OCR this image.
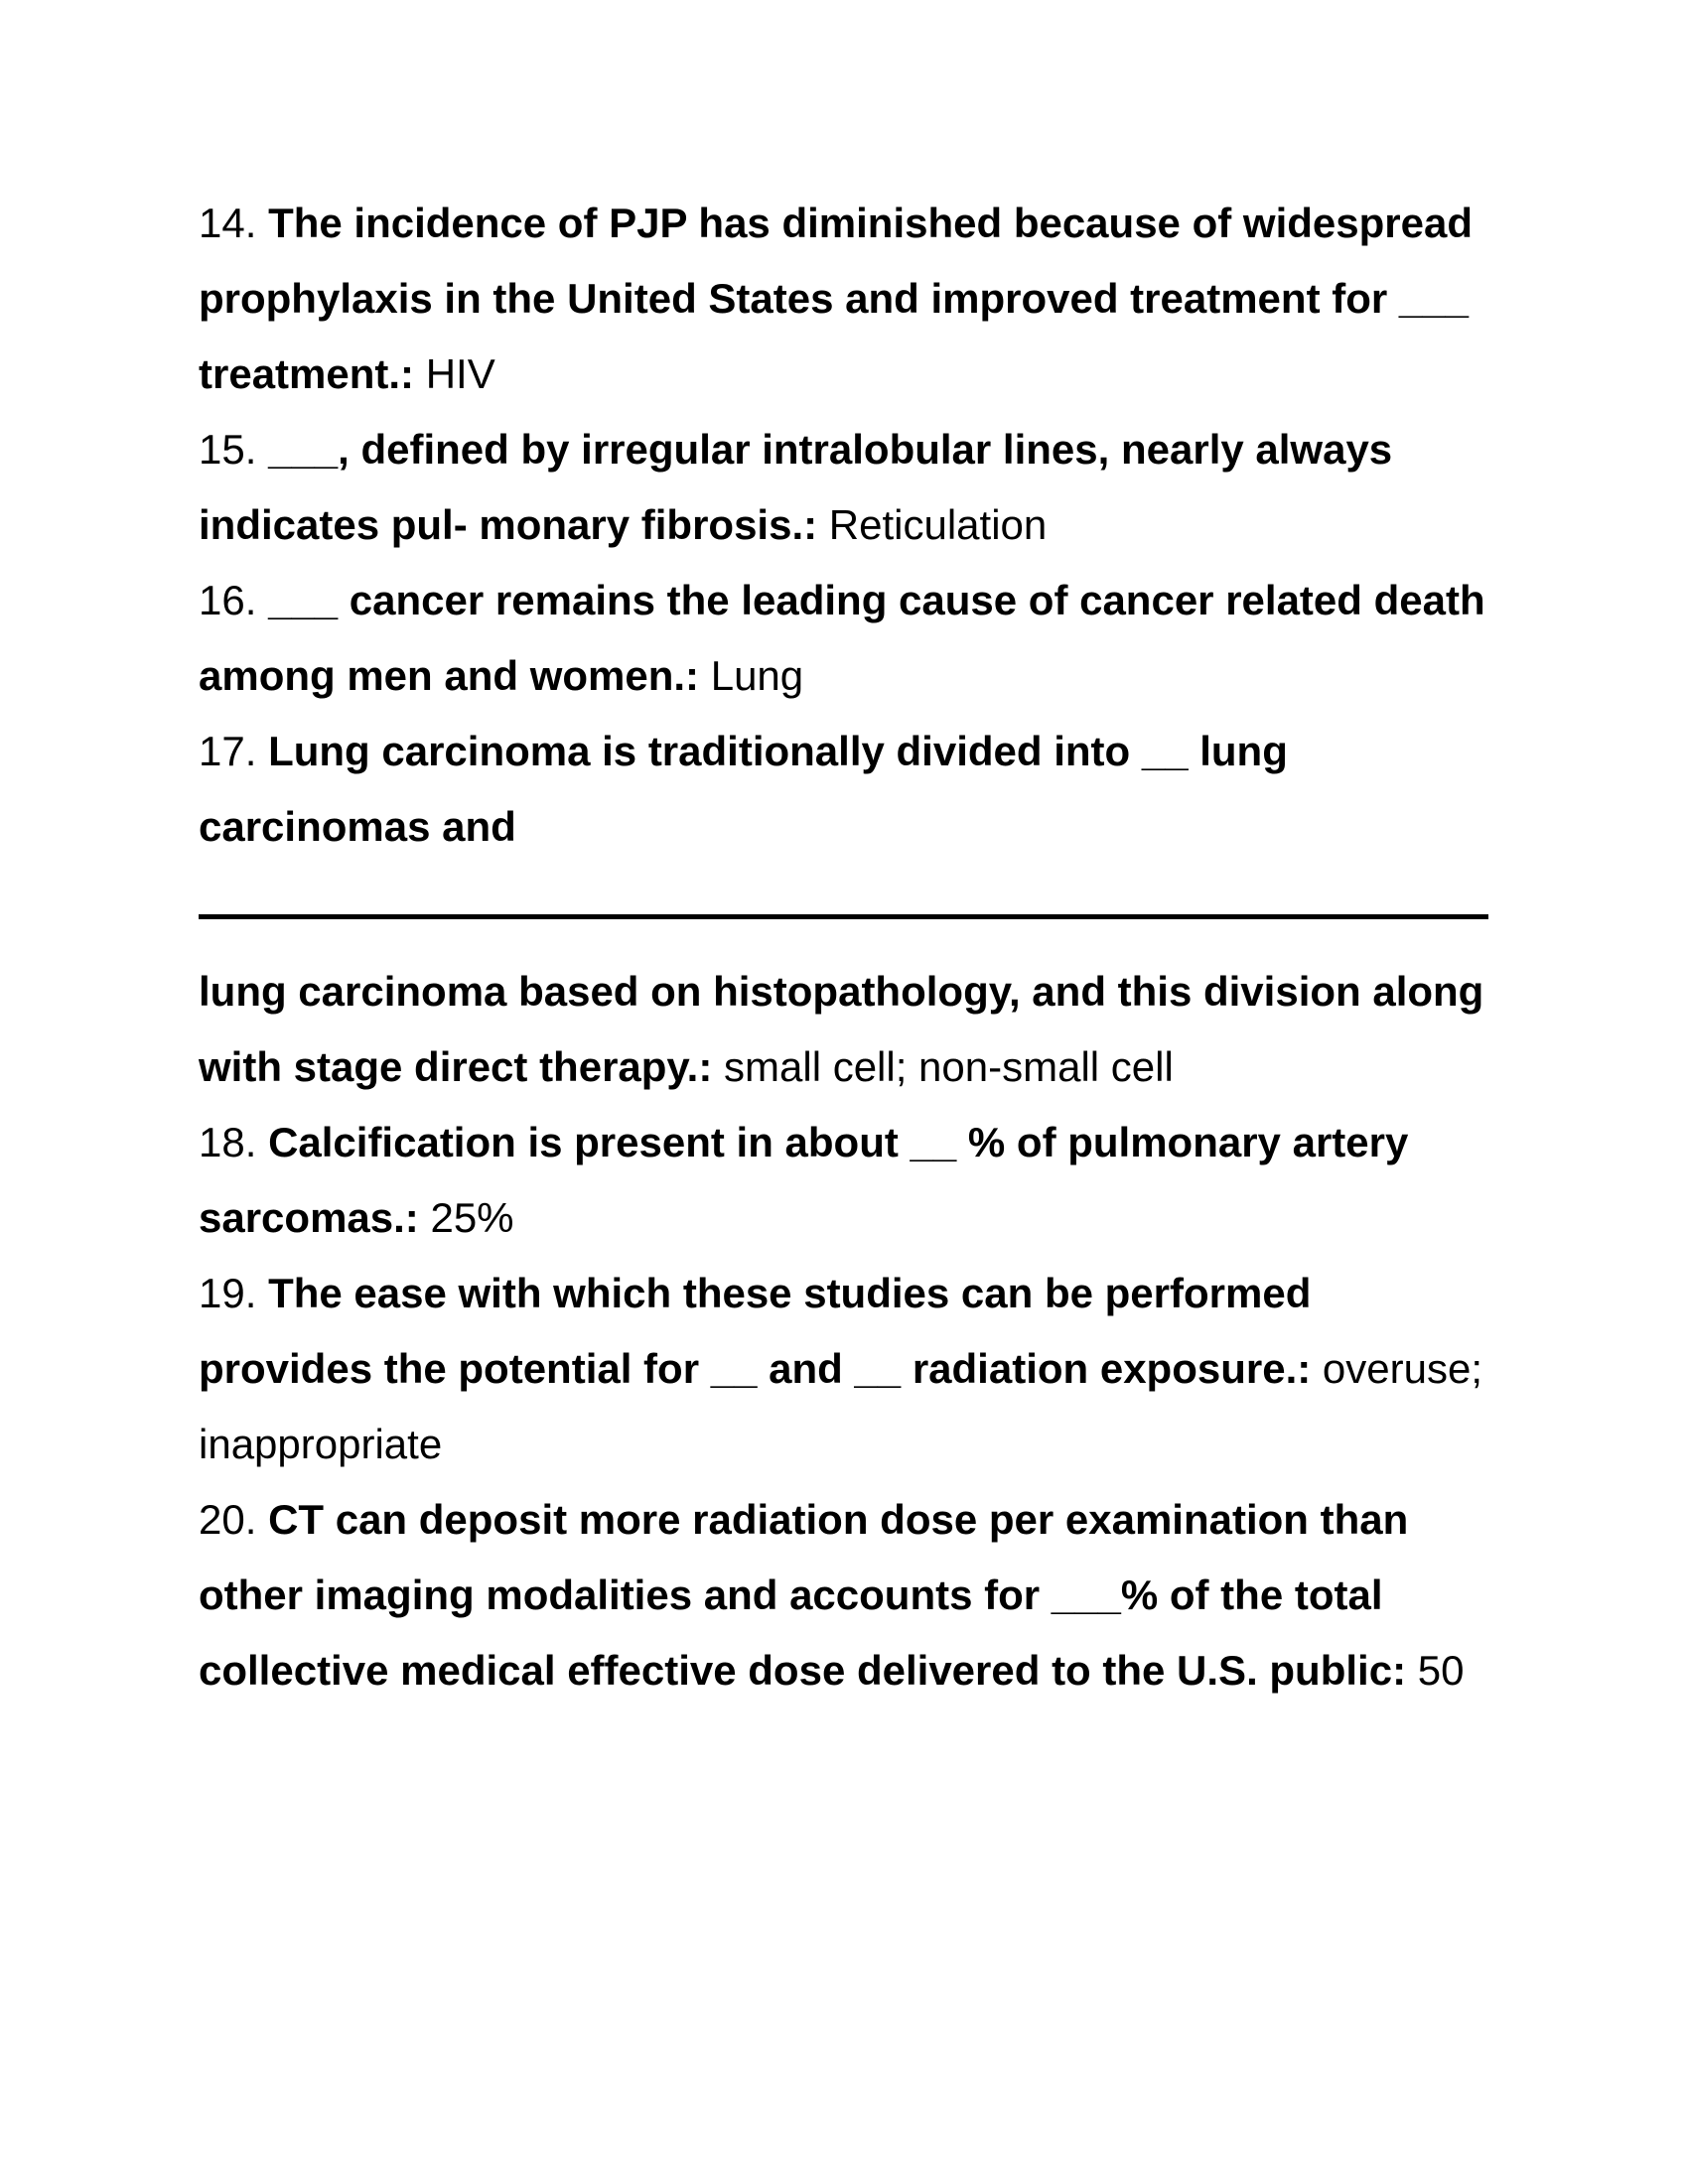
14. The incidence of PJP has diminished because of widespread prophylaxis in the United States and improved treatment for ___ treatment.: HIV

15. ___, defined by irregular intralobular lines, nearly always indicates pul- monary fibrosis.: Reticulation

16. ___ cancer remains the leading cause of cancer related death among men and women.: Lung

17. Lung carcinoma is traditionally divided into __ lung carcinomas and

lung carcinoma based on histopathology, and this division along with stage direct therapy.: small cell; non-small cell

18. Calcification is present in about __ % of pulmonary artery sarcomas.: 25%

19. The ease with which these studies can be performed provides the potential for __ and __ radiation exposure.: overuse; inappropriate

20. CT can deposit more radiation dose per examination than other imaging modalities and accounts for ___% of the total collective medical effective dose delivered to the U.S. public: 50
